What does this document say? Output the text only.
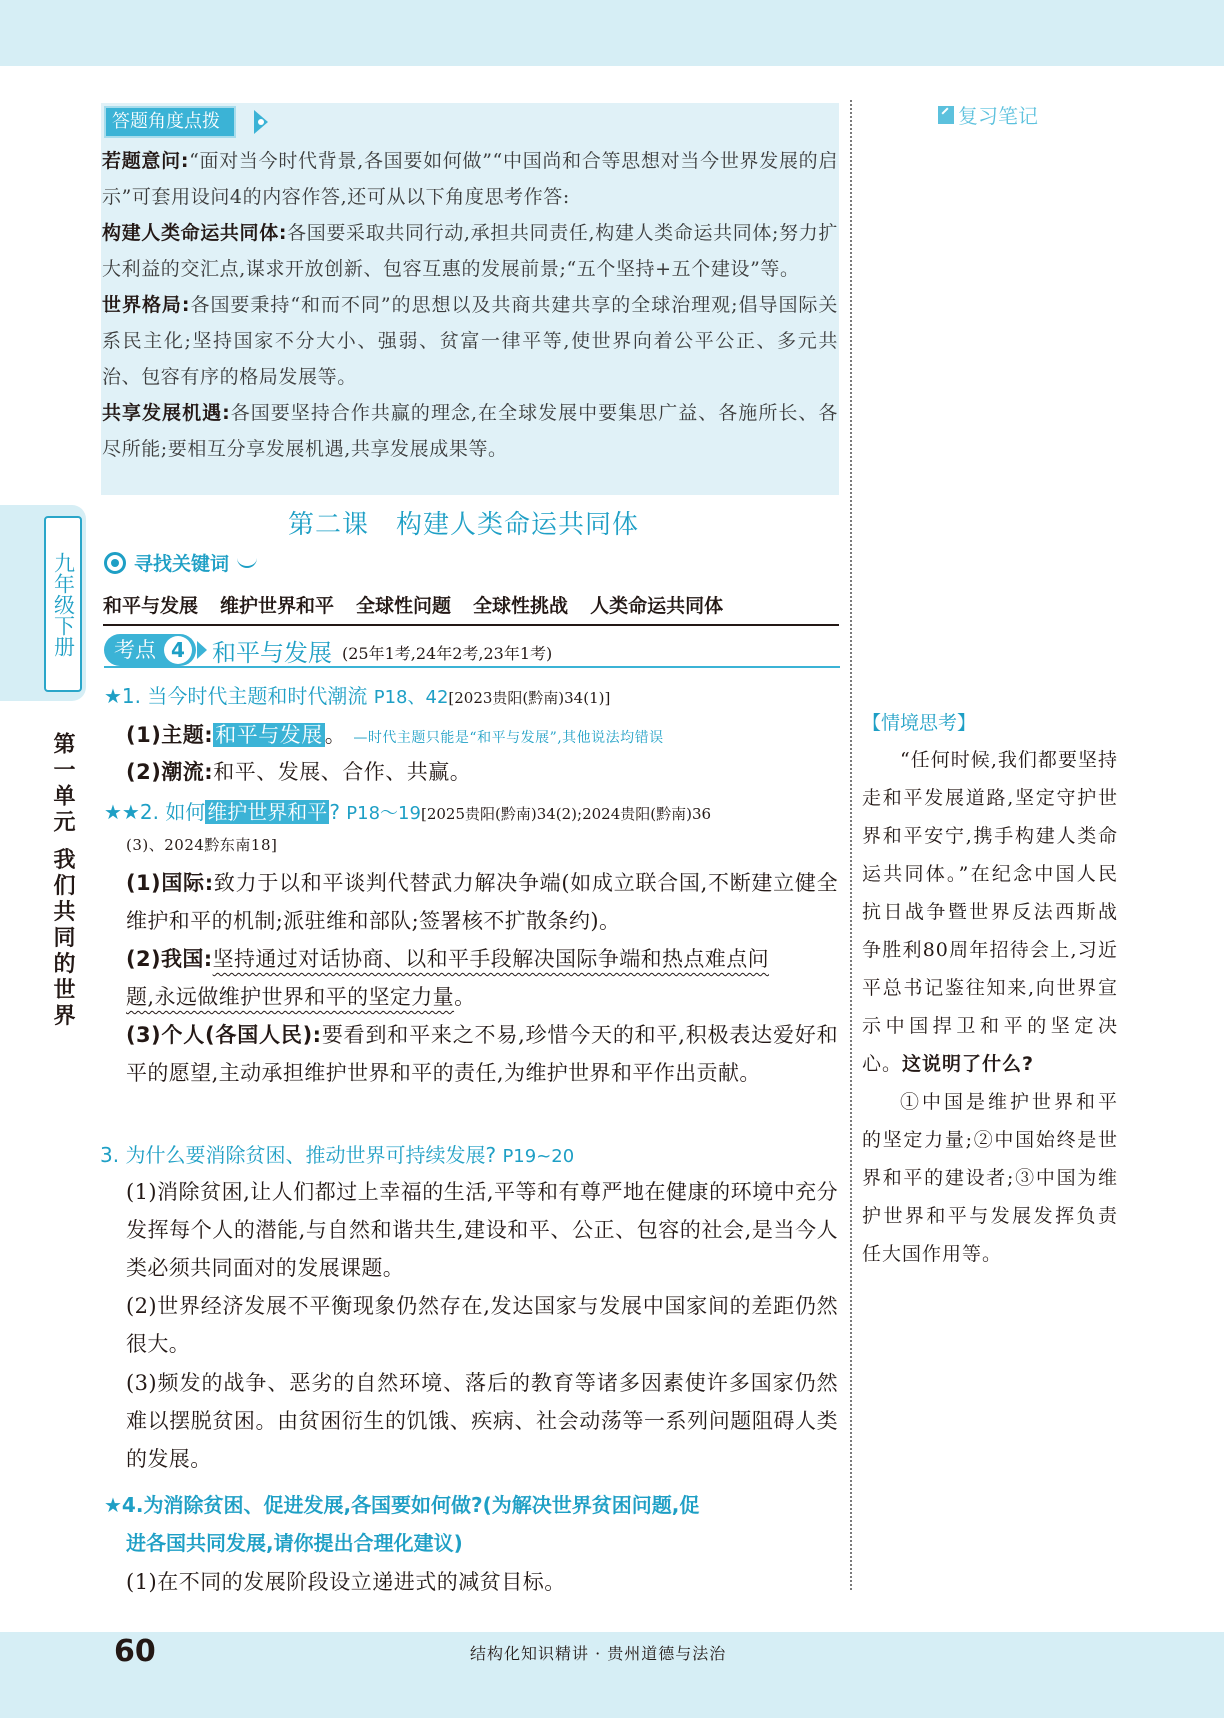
答题角度点拨

若题意问:“面对当今时代背景,各国要如何做”“中国尚和合等思想对当今世界发展的启示”可套用设问4的内容作答,还可从以下角度思考作答:

构建人类命运共同体:各国要采取共同行动,承担共同责任,构建人类命运共同体;努力扩大利益的交汇点,谋求开放创新、包容互惠的发展前景;“五个坚持+五个建设”等。

世界格局:各国要秉持“和而不同”的思想以及共商共建共享的全球治理观;倡导国际关系民主化;坚持国家不分大小、强弱、贫富一律平等,使世界向着公平公正、多元共治、包容有序的格局发展等。

共享发展机遇:各国要坚持合作共赢的理念,在全球发展中要集思广益、各施所长、各尽所能;要相互分享发展机遇,共享发展成果等。

复习笔记
九年级下册
第一单元 我们共同的世界
第二课　构建人类命运共同体
寻找关键词
和平与发展 维护世界和平 全球性问题 全球性挑战 人类命运共同体
考点 4 和平与发展 (25年1考,24年2考,23年1考)
★1. 当今时代主题和时代潮流 P18、42[2023贵阳(黔南)34(1)]
(1)主题:和平与发展。 —时代主题只能是“和平与发展”,其他说法均错误
(2)潮流:和平、发展、合作、共赢。
★★2. 如何 维护世界和平 ? P18～19[2025贵阳(黔南)34(2);2024贵阳(黔南)36
(3)、2024黔东南18]

(1)国际:致力于以和平谈判代替武力解决争端(如成立联合国,不断建立健全维护和平的机制;派驻维和部队;签署核不扩散条约)。

(2)我国:坚持通过对话协商、以和平手段解决国际争端和热点难点问

题,永远做维护世界和平的坚定力量。

(3)个人(各国人民):要看到和平来之不易,珍惜今天的和平,积极表达爱好和平的愿望,主动承担维护世界和平的责任,为维护世界和平作出贡献。

3. 为什么要消除贫困、推动世界可持续发展? P19~20
(1)消除贫困,让人们都过上幸福的生活,平等和有尊严地在健康的环境中充分发挥每个人的潜能,与自然和谐共生,建设和平、公正、包容的社会,是当今人类必须共同面对的发展课题。
(2)世界经济发展不平衡现象仍然存在,发达国家与发展中国家间的差距仍然很大。
(3)频发的战争、恶劣的自然环境、落后的教育等诸多因素使许多国家仍然难以摆脱贫困。由贫困衍生的饥饿、疾病、社会动荡等一系列问题阻碍人类的发展。
★4.为消除贫困、促进发展,各国要如何做?(为解决世界贫困问题,促
进各国共同发展,请你提出合理化建议)
(1)在不同的发展阶段设立递进式的减贫目标。
【情境思考】

“任何时候,我们都要坚持走和平发展道路,坚定守护世界和平安宁,携手构建人类命运共同体。”在纪念中国人民抗日战争暨世界反法西斯战争胜利80周年招待会上,习近平总书记鉴往知来,向世界宣示中国捍卫和平的坚定决心。这说明了什么?

①中国是维护世界和平的坚定力量;②中国始终是世界和平的建设者;③中国为维护世界和平与发展发挥负责任大国作用等。

60	结构化知识精讲 · 贵州道德与法治
